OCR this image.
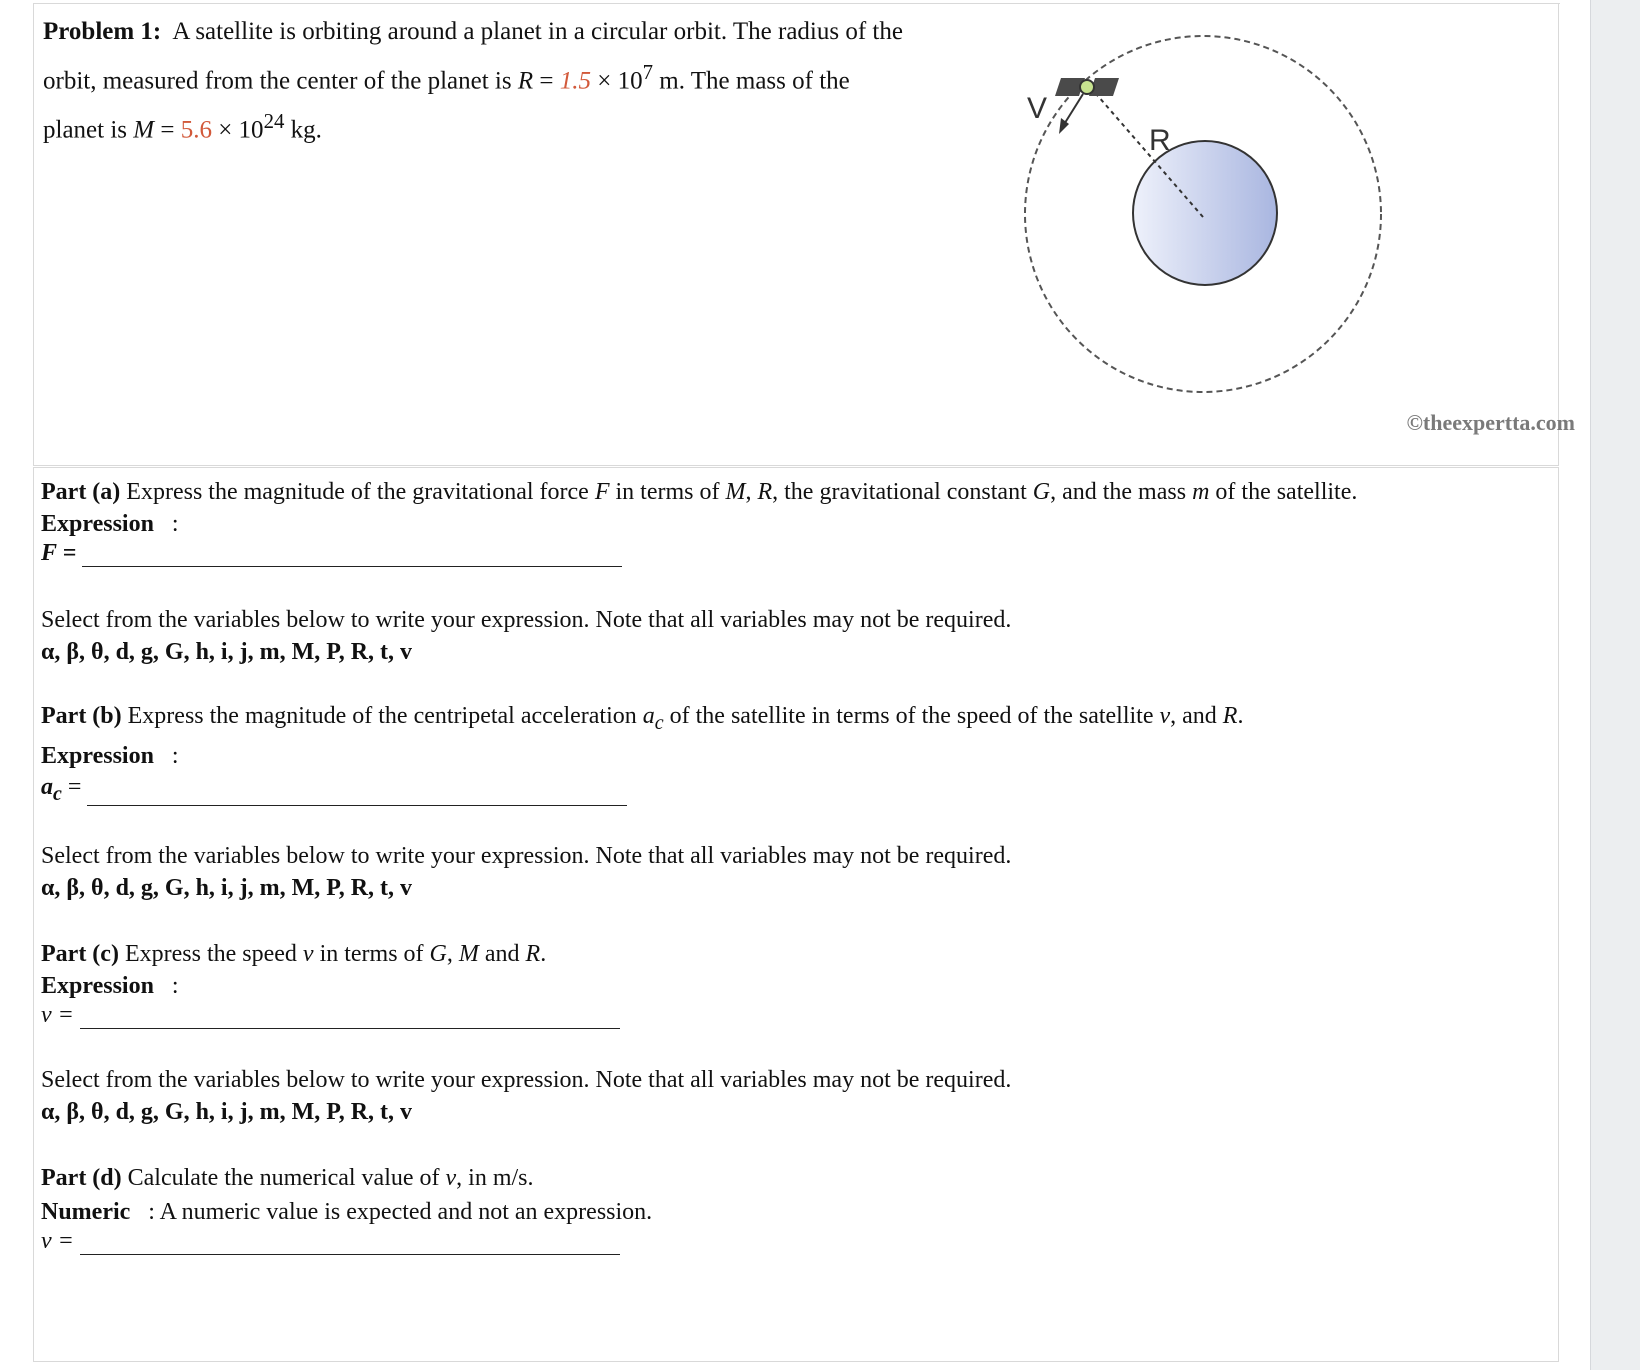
Problem 1: A satellite is orbiting around a planet in a circular orbit. The radius of the
orbit, measured from the center of the planet is $R = 1.5 \times 10^7$ m. The mass of the
planet is $M = 5.6 \times 10^{24}$ kg.
V
R
©theexpertta.com
Part (a) Express the magnitude of the gravitational force F in terms of M, R, the gravitational constant G, and the mass m of the satellite.
Expression :
F =
Select from the variables below to write your expression. Note that all variables may not be required.
α, β, θ, d, g, G, h, i, j, m, M, P, R, t, v
Part (b) Express the magnitude of the centripetal acceleration $a_c$ of the satellite in terms of the speed of the satellite v, and R.
Expression :
$a_c$ =
Select from the variables below to write your expression. Note that all variables may not be required.
α, β, θ, d, g, G, h, i, j, m, M, P, R, t, v
Part (c) Express the speed v in terms of G, M and R.
Expression :
v =
Select from the variables below to write your expression. Note that all variables may not be required.
α, β, θ, d, g, G, h, i, j, m, M, P, R, t, v
Part (d) Calculate the numerical value of v, in m/s.
Numeric : A numeric value is expected and not an expression.
v =
